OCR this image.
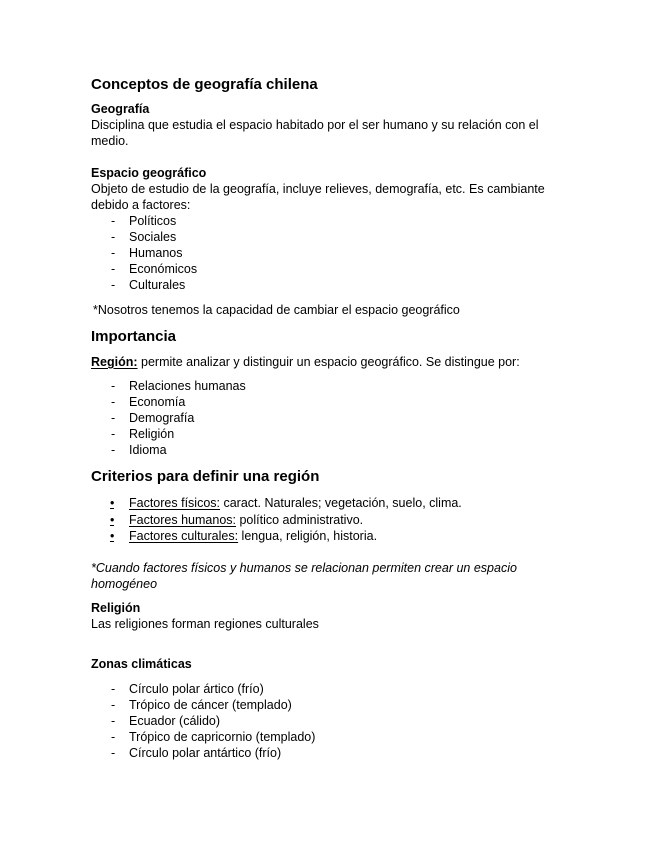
Conceptos de geografía chilena
Geografía
Disciplina que estudia el espacio habitado por el ser humano y su relación con el
medio.
Espacio geográfico
Objeto de estudio de la geografía, incluye relieves, demografía, etc. Es cambiante
debido a factores:
- Políticos
- Sociales
- Humanos
- Económicos
- Culturales
*Nosotros tenemos la capacidad de cambiar el espacio geográfico
Importancia
Región: permite analizar y distinguir un espacio geográfico. Se distingue por:
- Relaciones humanas
- Economía
- Demografía
- Religión
- Idioma
Criterios para definir una región
• Factores físicos: caract. Naturales; vegetación, suelo, clima.
• Factores humanos: político administrativo.
• Factores culturales: lengua, religión, historia.
*Cuando factores físicos y humanos se relacionan permiten crear un espacio
homogéneo
Religión
Las religiones forman regiones culturales
Zonas climáticas
- Círculo polar ártico (frío)
- Trópico de cáncer (templado)
- Ecuador (cálido)
- Trópico de capricornio (templado)
- Círculo polar antártico (frío)
